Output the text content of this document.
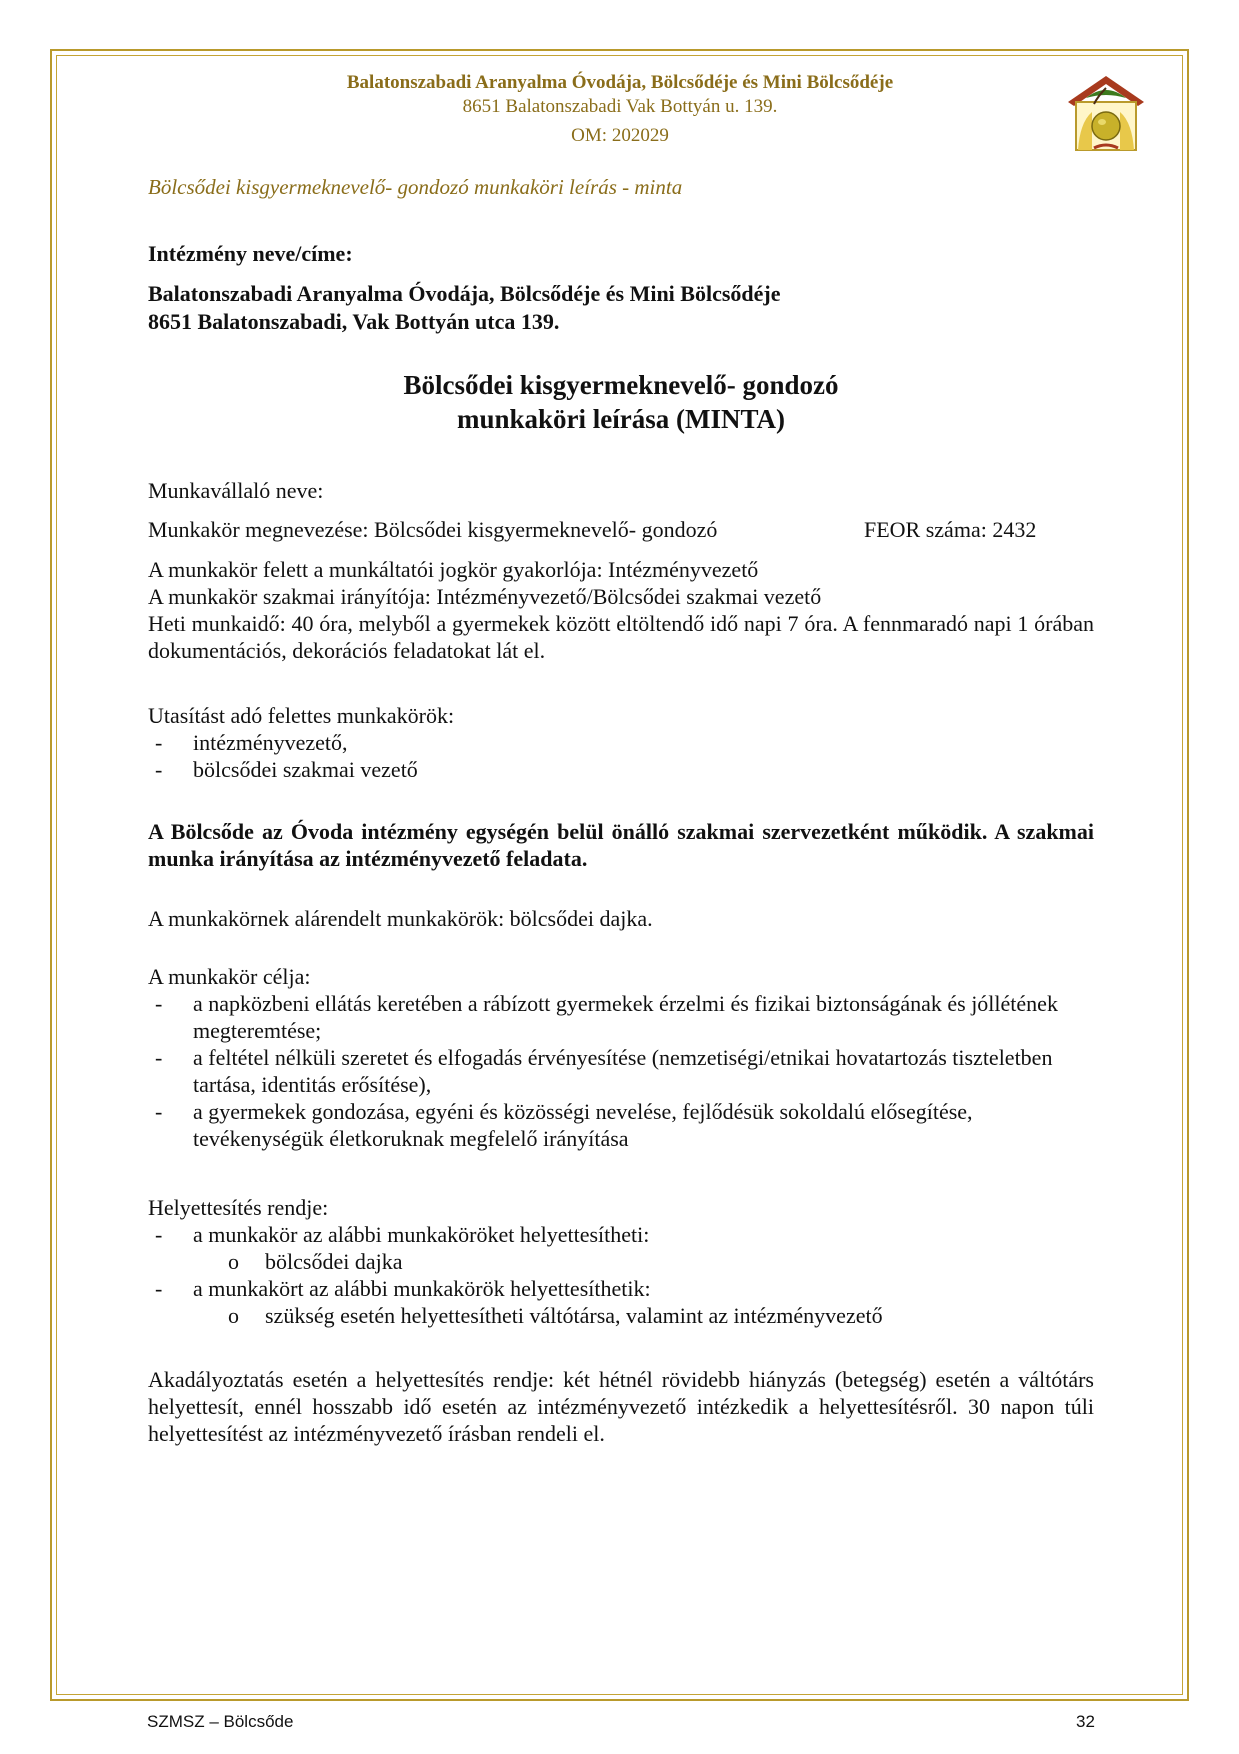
Balatonszabadi Aranyalma Óvodája, Bölcsődéje és Mini Bölcsődéje
8651 Balatonszabadi Vak Bottyán u. 139.
OM: 202029
Bölcsődei kisgyermeknevelő- gondozó munkaköri leírás - minta
Intézmény neve/címe:
Balatonszabadi Aranyalma Óvodája, Bölcsődéje és Mini Bölcsődéje
8651 Balatonszabadi, Vak Bottyán utca 139.
Bölcsődei kisgyermeknevelő- gondozó
munkaköri leírása (MINTA)
Munkavállaló neve:
Munkakör megnevezése: Bölcsődei kisgyermeknevelő- gondozó	FEOR száma: 2432
A munkakör felett a munkáltatói jogkör gyakorlója: Intézményvezető
A munkakör szakmai irányítója: Intézményvezető/Bölcsődei szakmai vezető
Heti munkaidő: 40 óra, melyből a gyermekek között eltöltendő idő napi 7 óra. A fennmaradó napi 1 órában dokumentációs, dekorációs feladatokat lát el.
Utasítást adó felettes munkakörök:
- intézményvezető,
- bölcsődei szakmai vezető
A Bölcsőde az Óvoda intézmény egységén belül önálló szakmai szervezetként működik. A szakmai munka irányítása az intézményvezető feladata.
A munkakörnek alárendelt munkakörök: bölcsődei dajka.
A munkakör célja:
- a napközbeni ellátás keretében a rábízott gyermekek érzelmi és fizikai biztonságának és jóllétének megteremtése;
- a feltétel nélküli szeretet és elfogadás érvényesítése (nemzetiségi/etnikai hovatartozás tiszteletben tartása, identitás erősítése),
- a gyermekek gondozása, egyéni és közösségi nevelése, fejlődésük sokoldalú elősegítése, tevékenységük életkoruknak megfelelő irányítása
Helyettesítés rendje:
- a munkakör az alábbi munkaköröket helyettesítheti:
o bölcsődei dajka
- a munkakört az alábbi munkakörök helyettesíthetik:
o szükség esetén helyettesítheti váltótársa, valamint az intézményvezető
Akadályoztatás esetén a helyettesítés rendje: két hétnél rövidebb hiányzás (betegség) esetén a váltótárs helyettesít, ennél hosszabb idő esetén az intézményvezető intézkedik a helyettesítésről. 30 napon túli helyettesítést az intézményvezető írásban rendeli el.
SZMSZ – Bölcsőde	32
